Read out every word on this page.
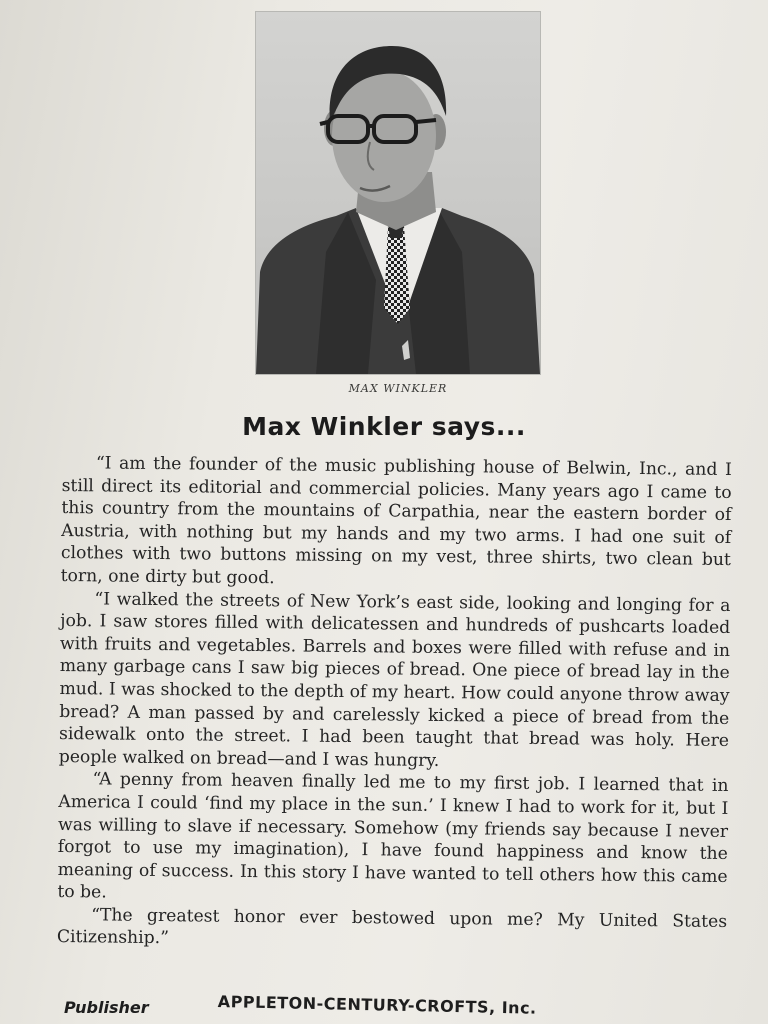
MAX WINKLER
Max Winkler says...

“I am the founder of the music publishing house of Belwin, Inc., and I still direct its editorial and commercial policies. Many years ago I came to this country from the mountains of Carpathia, near the eastern border of Austria, with nothing but my hands and my two arms. I had one suit of clothes with two buttons missing on my vest, three shirts, two clean but torn, one dirty but good.

“I walked the streets of New York’s east side, looking and longing for a job. I saw stores filled with delicatessen and hundreds of pushcarts loaded with fruits and vegetables. Barrels and boxes were filled with refuse and in many garbage cans I saw big pieces of bread. One piece of bread lay in the mud. I was shocked to the depth of my heart. How could anyone throw away bread? A man passed by and carelessly kicked a piece of bread from the sidewalk onto the street. I had been taught that bread was holy. Here people walked on bread—and I was hungry.

“A penny from heaven finally led me to my first job. I learned that in America I could ‘find my place in the sun.’ I knew I had to work for it, but I was willing to slave if necessary. Somehow (my friends say because I never forgot to use my imagination), I have found happiness and know the meaning of success. In this story I have wanted to tell others how this came to be.

“The greatest honor ever bestowed upon me? My United States Citizenship.”

Publisher	APPLETON-CENTURY-CROFTS, Inc.
